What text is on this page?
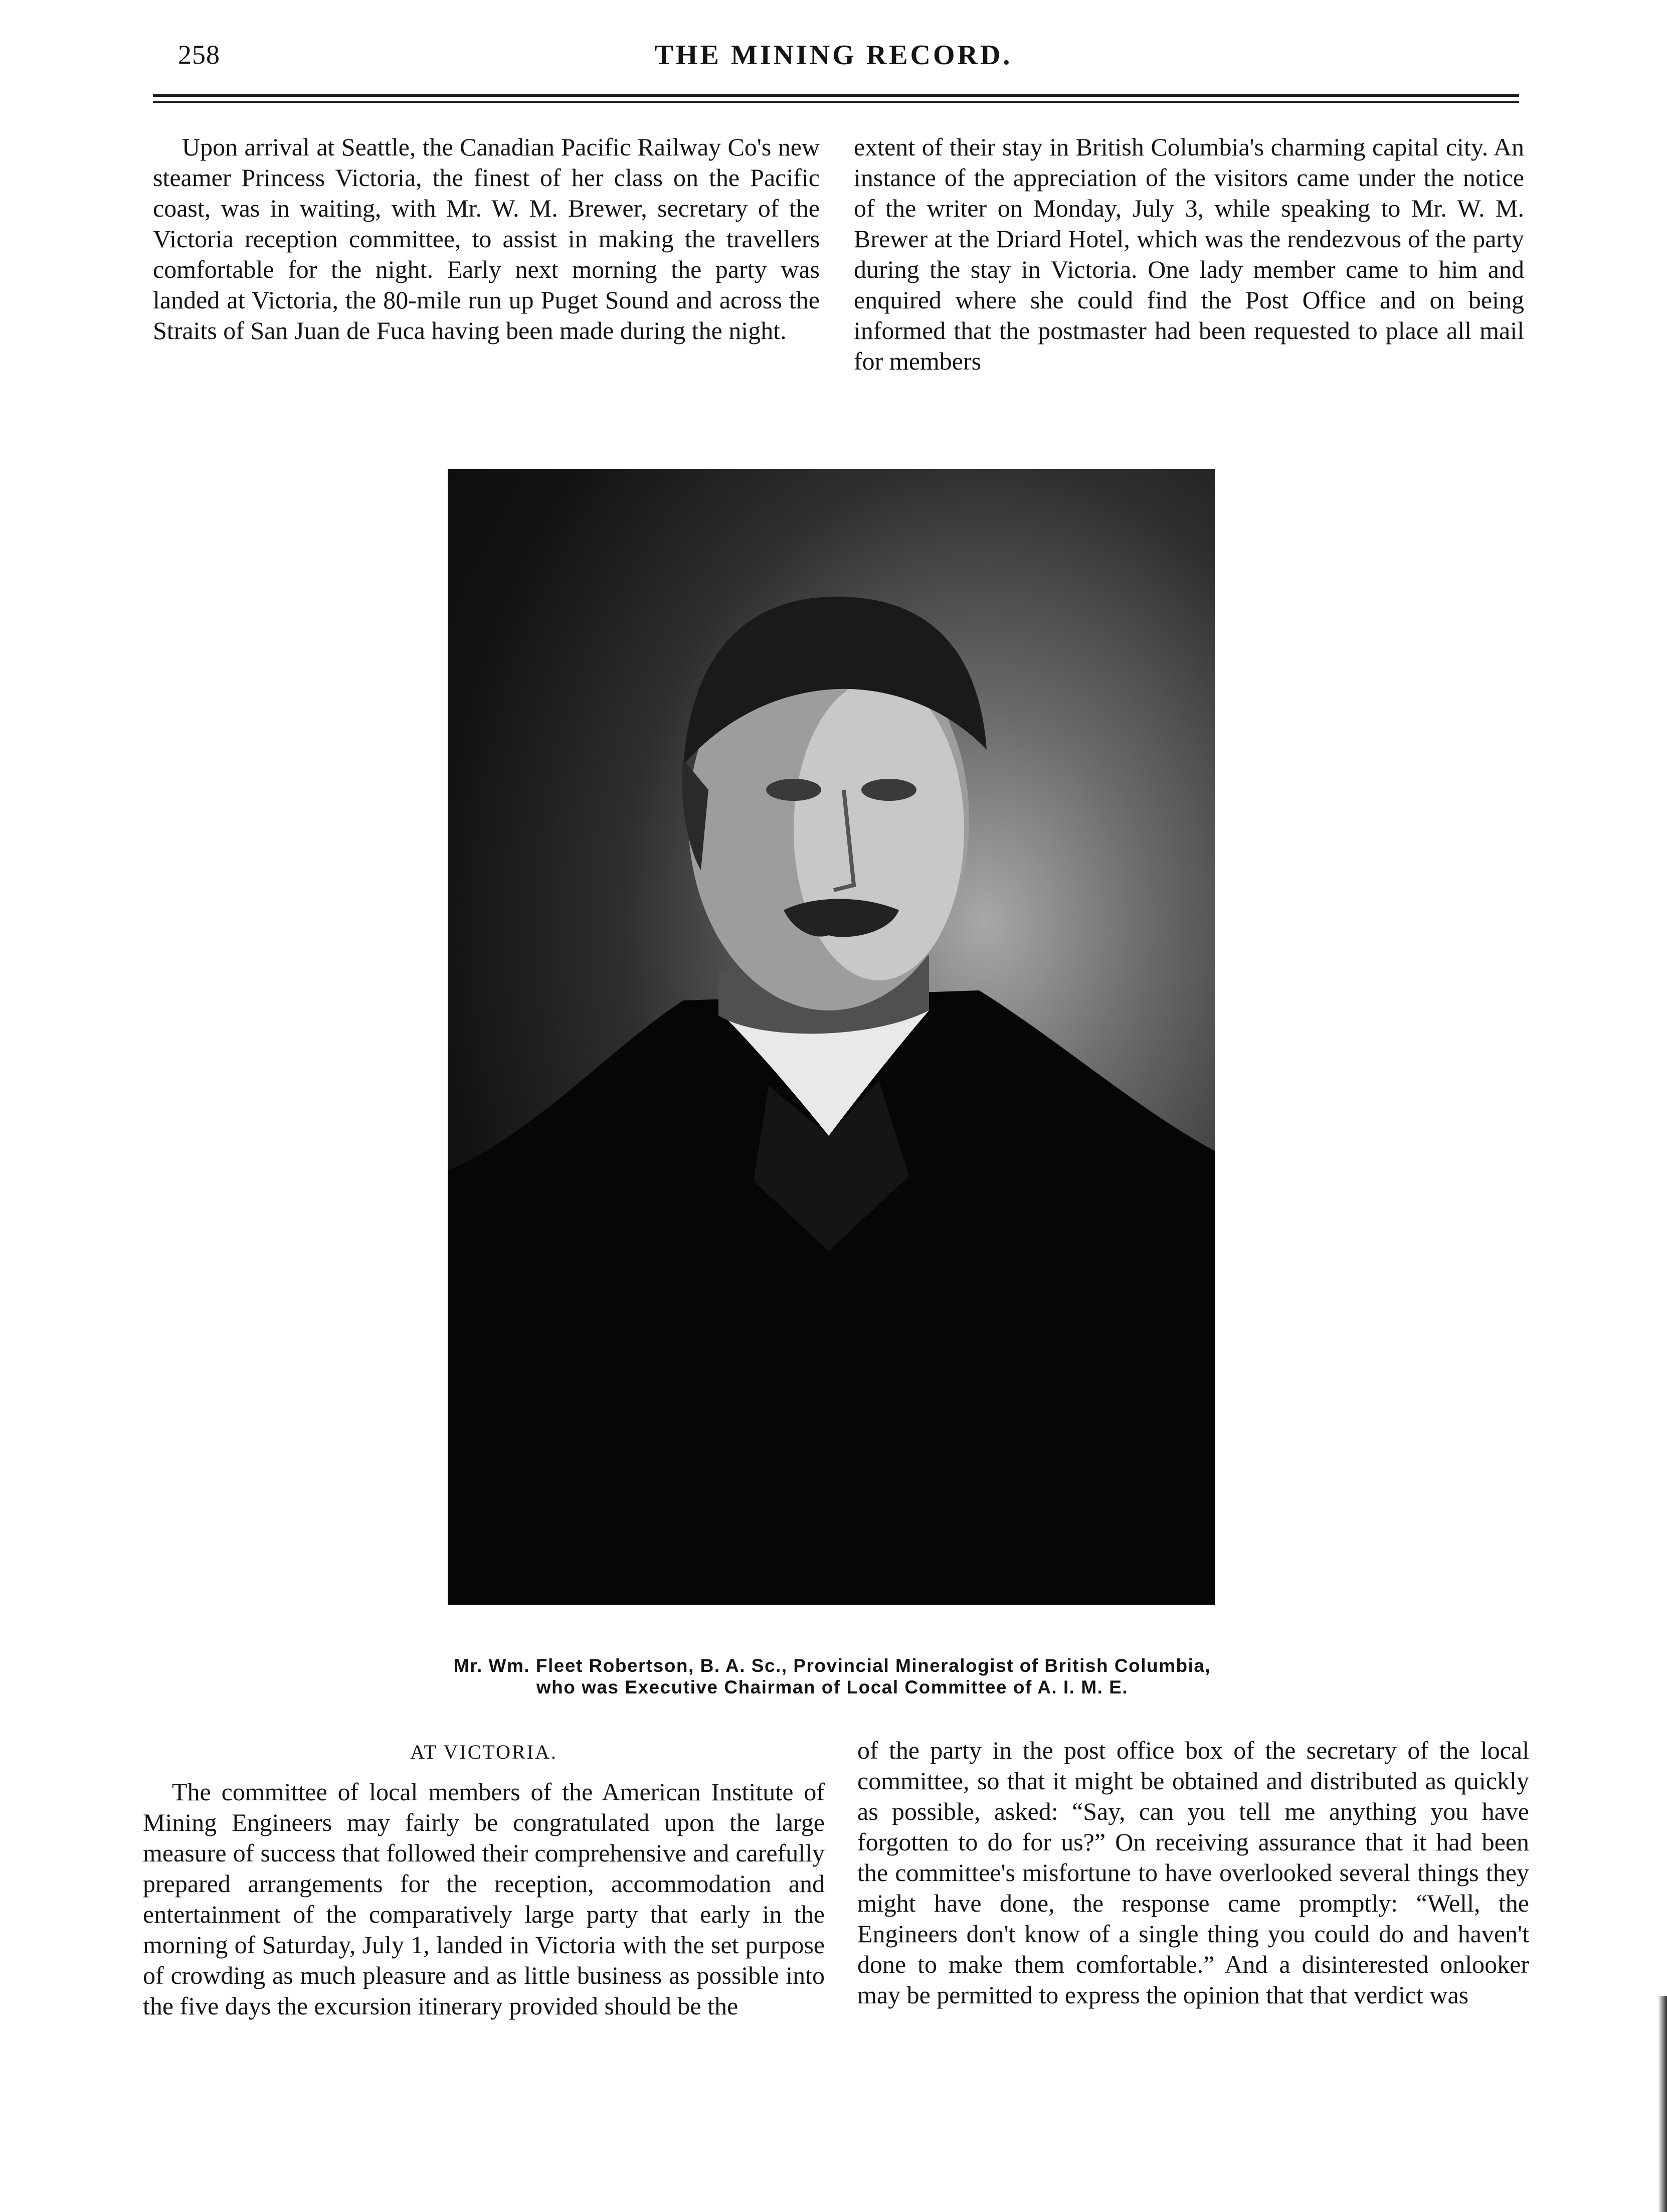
258	THE MINING RECORD.

Upon arrival at Seattle, the Canadian Pacific Railway Co's new steamer Princess Victoria, the finest of her class on the Pacific coast, was in waiting, with Mr. W. M. Brewer, secretary of the Victoria reception committee, to assist in making the travellers comfortable for the night. Early next morning the party was landed at Victoria, the 80-mile run up Puget Sound and across the Straits of San Juan de Fuca having been made during the night.

extent of their stay in British Columbia's charming capital city. An instance of the appreciation of the visitors came under the notice of the writer on Monday, July 3, while speaking to Mr. W. M. Brewer at the Driard Hotel, which was the rendezvous of the party during the stay in Victoria. One lady member came to him and enquired where she could find the Post Office and on being informed that the postmaster had been requested to place all mail for members

Mr. Wm. Fleet Robertson, B. A. Sc., Provincial Mineralogist of British Columbia,
who was Executive Chairman of Local Committee of A. I. M. E.
AT VICTORIA.

The committee of local members of the American Institute of Mining Engineers may fairly be congratulated upon the large measure of success that followed their comprehensive and carefully prepared arrangements for the reception, accommodation and entertainment of the comparatively large party that early in the morning of Saturday, July 1, landed in Victoria with the set purpose of crowding as much pleasure and as little business as possible into the five days the excursion itinerary provided should be the

of the party in the post office box of the secretary of the local committee, so that it might be obtained and distributed as quickly as possible, asked: “Say, can you tell me anything you have forgotten to do for us?” On receiving assurance that it had been the committee's misfortune to have overlooked several things they might have done, the response came promptly: “Well, the Engineers don't know of a single thing you could do and haven't done to make them comfortable.” And a disinterested onlooker may be permitted to express the opinion that that verdict was
